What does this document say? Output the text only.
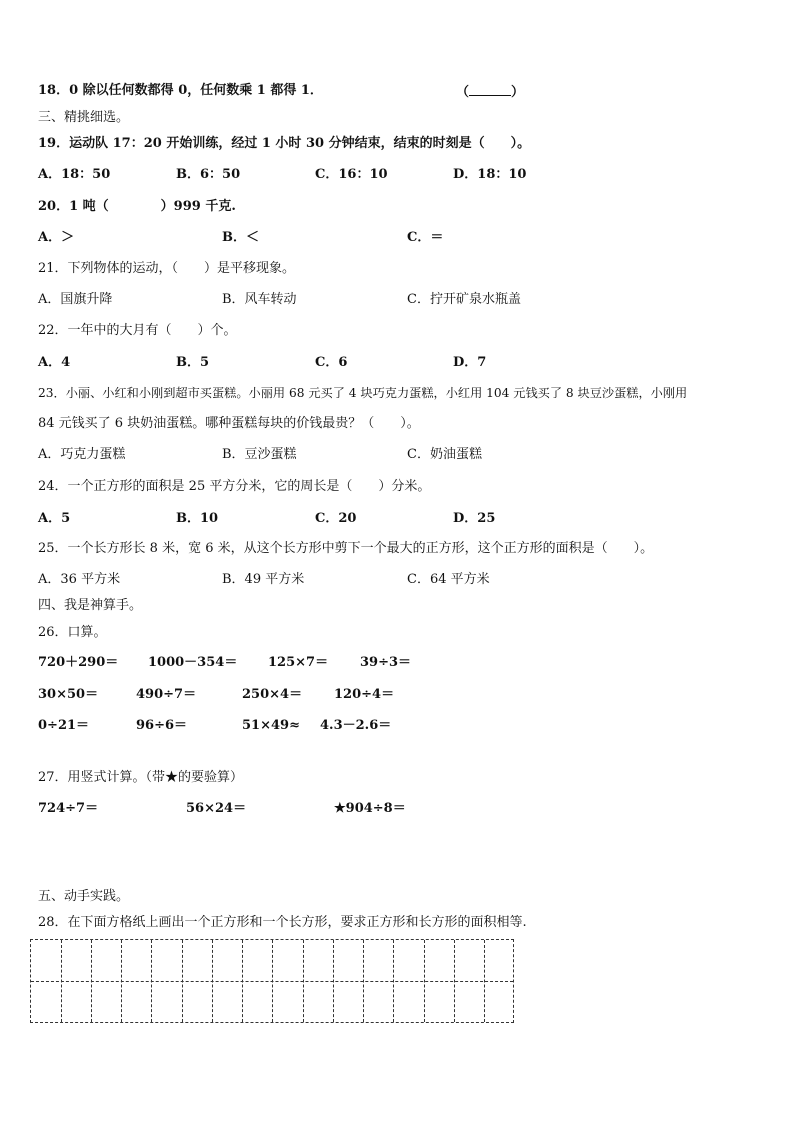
18．0 除以任何数都得 0，任何数乘 1 都得 1．	（	）
三、精挑细选。
19．运动队 17：20 开始训练，经过 1 小时 30 分钟结束，结束的时刻是（　　）。
A．18：50	B．6：50	C．16：10	D．18：10
20．1 吨（　　　　）999 千克.
A．＞	B．＜	C．＝
21．下列物体的运动，（　　）是平移现象。
A．国旗升降	B．风车转动	C．拧开矿泉水瓶盖
22．一年中的大月有（　　）个。
A．4	B．5	C．6	D．7
23．小丽、小红和小刚到超市买蛋糕。小丽用 68 元买了 4 块巧克力蛋糕，小红用 104 元钱买了 8 块豆沙蛋糕，小刚用
84 元钱买了 6 块奶油蛋糕。哪种蛋糕每块的价钱最贵？（　　）。
A．巧克力蛋糕	B．豆沙蛋糕	C．奶油蛋糕
24．一个正方形的面积是 25 平方分米，它的周长是（　　）分米。
A．5	B．10	C．20	D．25
25．一个长方形长 8 米，宽 6 米，从这个长方形中剪下一个最大的正方形，这个正方形的面积是（　　）。
A．36 平方米	B．49 平方米	C．64 平方米
四、我是神算手。
26．口算。
720＋290＝ 1000－354＝ 125×7＝ 39÷3＝
30×50＝	490÷7＝	250×4＝ 120÷4＝
0÷21＝	96÷6＝	51×49≈ 4.3－2.6＝
27．用竖式计算。（带★的要验算）
724÷7＝	56×24＝	★904÷8＝
五、动手实践。
28．在下面方格纸上画出一个正方形和一个长方形，要求正方形和长方形的面积相等.
